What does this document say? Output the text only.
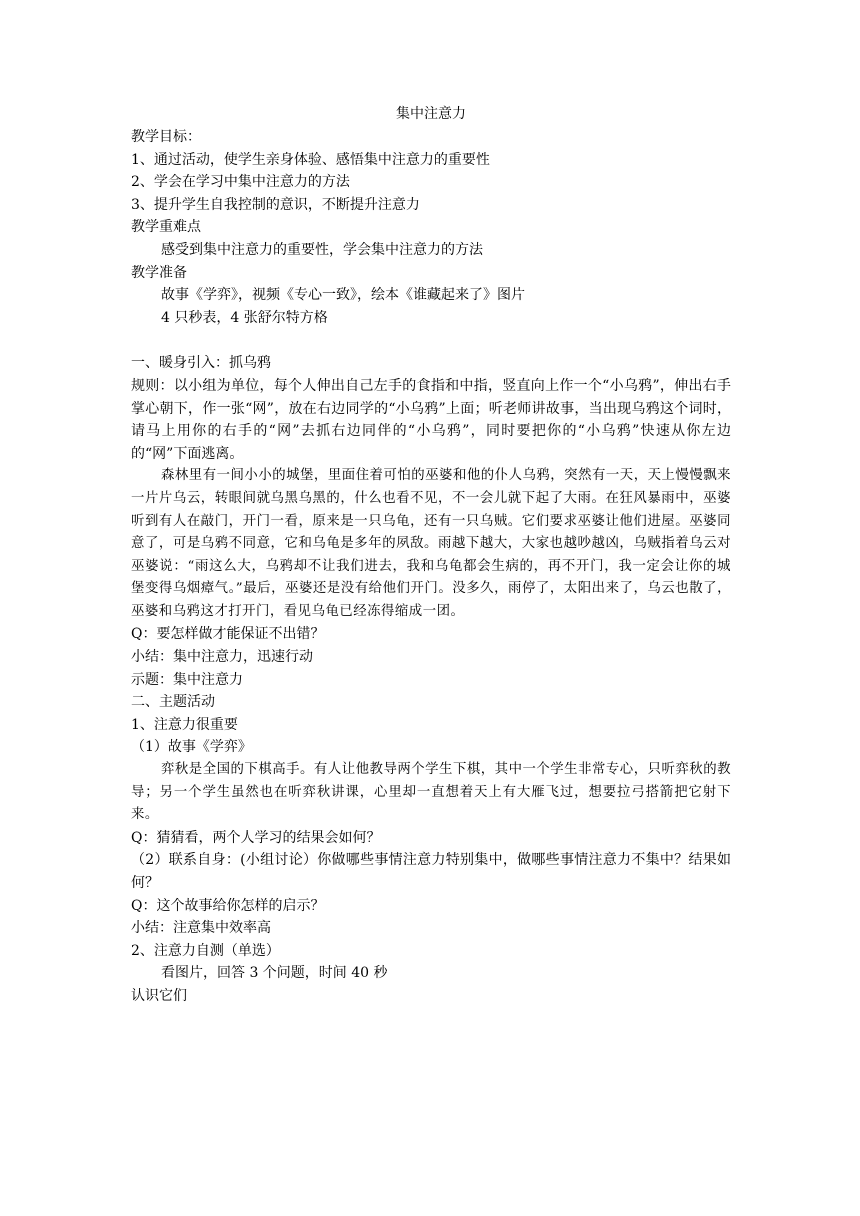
集中注意力

教学目标：

1、通过活动，使学生亲身体验、感悟集中注意力的重要性

2、学会在学习中集中注意力的方法

3、提升学生自我控制的意识，不断提升注意力

教学重难点

感受到集中注意力的重要性，学会集中注意力的方法

教学准备

故事《学弈》，视频《专心一致》，绘本《谁藏起来了》图片

4 只秒表，4 张舒尔特方格

一、暖身引入：抓乌鸦

规则：以小组为单位，每个人伸出自己左手的食指和中指，竖直向上作一个“小乌鸦”，伸出右手掌心朝下，作一张“网”，放在右边同学的“小乌鸦”上面；听老师讲故事，当出现乌鸦这个词时，请马上用你的右手的“网”去抓右边同伴的“小乌鸦”，同时要把你的“小乌鸦”快速从你左边的“网”下面逃离。

森林里有一间小小的城堡，里面住着可怕的巫婆和他的仆人乌鸦，突然有一天，天上慢慢飘来一片片乌云，转眼间就乌黑乌黑的，什么也看不见，不一会儿就下起了大雨。在狂风暴雨中，巫婆听到有人在敲门，开门一看，原来是一只乌龟，还有一只乌贼。它们要求巫婆让他们进屋。巫婆同意了，可是乌鸦不同意，它和乌龟是多年的夙敌。雨越下越大，大家也越吵越凶，乌贼指着乌云对巫婆说：“雨这么大，乌鸦却不让我们进去，我和乌龟都会生病的，再不开门，我一定会让你的城堡变得乌烟瘴气。”最后，巫婆还是没有给他们开门。没多久，雨停了，太阳出来了，乌云也散了，巫婆和乌鸦这才打开门，看见乌龟已经冻得缩成一团。

Q：要怎样做才能保证不出错？

小结：集中注意力，迅速行动

示题：集中注意力

二、主题活动

1、注意力很重要

（1）故事《学弈》

弈秋是全国的下棋高手。有人让他教导两个学生下棋，其中一个学生非常专心，只听弈秋的教导；另一个学生虽然也在听弈秋讲课，心里却一直想着天上有大雁飞过，想要拉弓搭箭把它射下来。

Q：猜猜看，两个人学习的结果会如何？

（2）联系自身：(小组讨论）你做哪些事情注意力特别集中，做哪些事情注意力不集中？结果如何？

Q：这个故事给你怎样的启示？

小结：注意集中效率高

2、注意力自测（单选）

看图片，回答 3 个问题，时间 40 秒

认识它们
